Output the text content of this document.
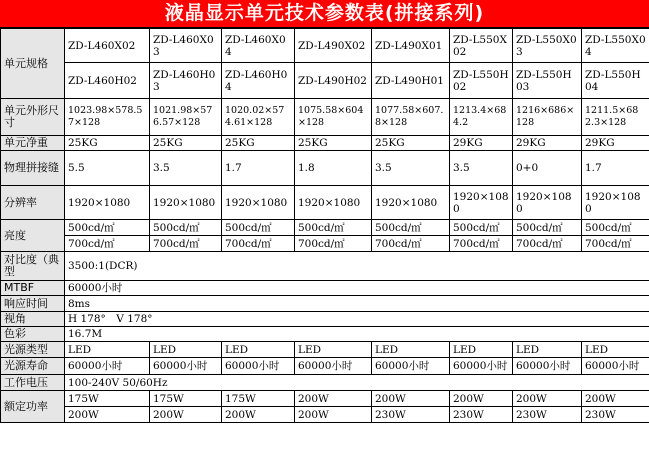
液晶显示单元技术参数表(拼接系列)
单元规格	ZD-L460X02	ZD-L460X03	ZD-L460X04	ZD-L490X02	ZD-L490X01	ZD-L550X02	ZD-L550X03	ZD-L550X04
	ZD-L460H02	ZD-L460H03	ZD-L460H04	ZD-L490H02	ZD-L490H01	ZD-L550H02	ZD-L550H03	ZD-L550H04
单元外形尺寸	1023.98×578.57×128	1021.98×576.57×128	1020.02×574.61×128	1075.58×604×128	1077.58×607.8×128	1213.4×684.2	1216×686×128	1211.5×682.3×128
单元净重	25KG	25KG	25KG	25KG	25KG	29KG	29KG	29KG
物理拼接缝	5.5	3.5	1.7	1.8	3.5	3.5	0+0	1.7
分辨率	1920×1080	1920×1080	1920×1080	1920×1080	1920×1080	1920×1080	1920×1080	1920×1080
亮度	500cd/㎡	500cd/㎡	500cd/㎡	500cd/㎡	500cd/㎡	500cd/㎡	500cd/㎡	500cd/㎡
	700cd/㎡	700cd/㎡	700cd/㎡	700cd/㎡	700cd/㎡	700cd/㎡	700cd/㎡	700cd/㎡
对比度（典型	3500:1(DCR)							
MTBF	60000小时							
响应时间	8ms							
视角	H 178°　V 178°							
色彩	16.7M							
光源类型	LED	LED	LED	LED	LED	LED	LED	LED
光源寿命	60000小时	60000小时	60000小时	60000小时	60000小时	60000小时	60000小时	60000小时
工作电压	100-240V 50/60Hz							
额定功率	175W	175W	175W	200W	200W	200W	200W	200W
	200W	200W	200W	200W	230W	230W	230W	230W
